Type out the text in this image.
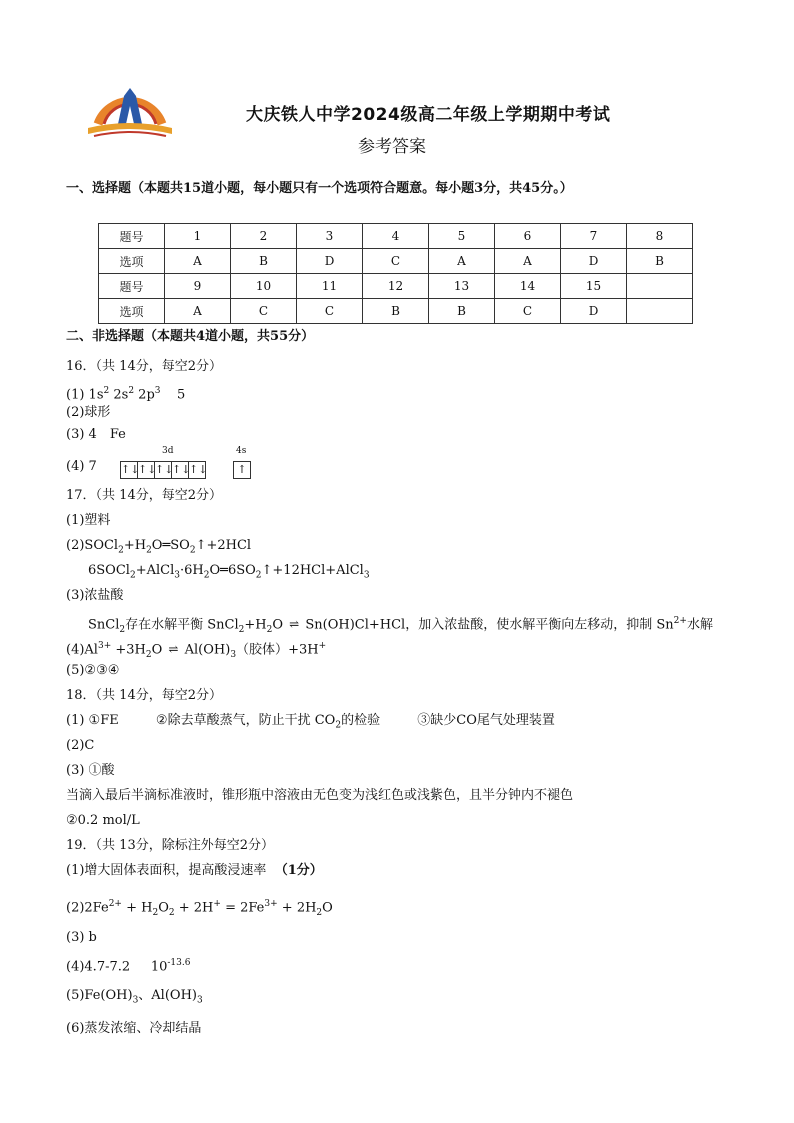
大庆铁人中学2024级高二年级上学期期中考试
参考答案
一、选择题（本题共15道小题，每小题只有一个选项符合题意。每小题3分，共45分。）
题号	1	2	3	4	5	6	7	8
选项	A	B	D	C	A	A	D	B
题号	9	10	11	12	13	14	15	
选项	A	C	C	B	B	C	D	
二、非选择题（本题共4道小题，共55分）
16．（共 14分，每空2分）
(1) $1s^2$ $2s^2$ $2p^3$ 5
(2)球形
(3) 4　Fe
(4) 7
3d	4s
↑↓↑↓↑↓↑↓↑↓	↑
17．（共 14分，每空2分）
(1)塑料
$(2)SOCl_2+H_2O═SO_2↑+2HCl$
$6SOCl_2+AlCl_3\cdot 6H_2O═6SO_2↑+12HCl+AlCl_3$
(3)浓盐酸
SnCl$_2$存在水解平衡 $SnCl_2+H_2O$ ⇌ Sn(OH)Cl+HCl，加入浓盐酸，使水解平衡向左移动，抑制 $Sn^{2+}$水解
$(4)Al^{3+} +3H_2O$ ⇌ $Al(OH)_3$（胶体）+3H+
(5)②③④
18．（共 14分，每空2分）
(1) ①FE	②除去草酸蒸气，防止干扰 $CO_2$的检验	③缺少CO尾气处理装置
(2)C
(3) ①酸
当滴入最后半滴标准液时，锥形瓶中溶液由无色变为浅红色或浅紫色，且半分钟内不褪色
②0.2 mol/L
19．（共 13分，除标注外每空2分）
(1)增大固体表面积，提高酸浸速率 （1分）
$(2)2Fe^{2+} + H_2O_2 + 2H^+ = 2Fe^{3+} + 2H_2O$
(3) b
(4)4.7-7.2     $10^{-13.6}$
$(5)Fe(OH)_3$、$Al(OH)_3$
(6)蒸发浓缩、冷却结晶
